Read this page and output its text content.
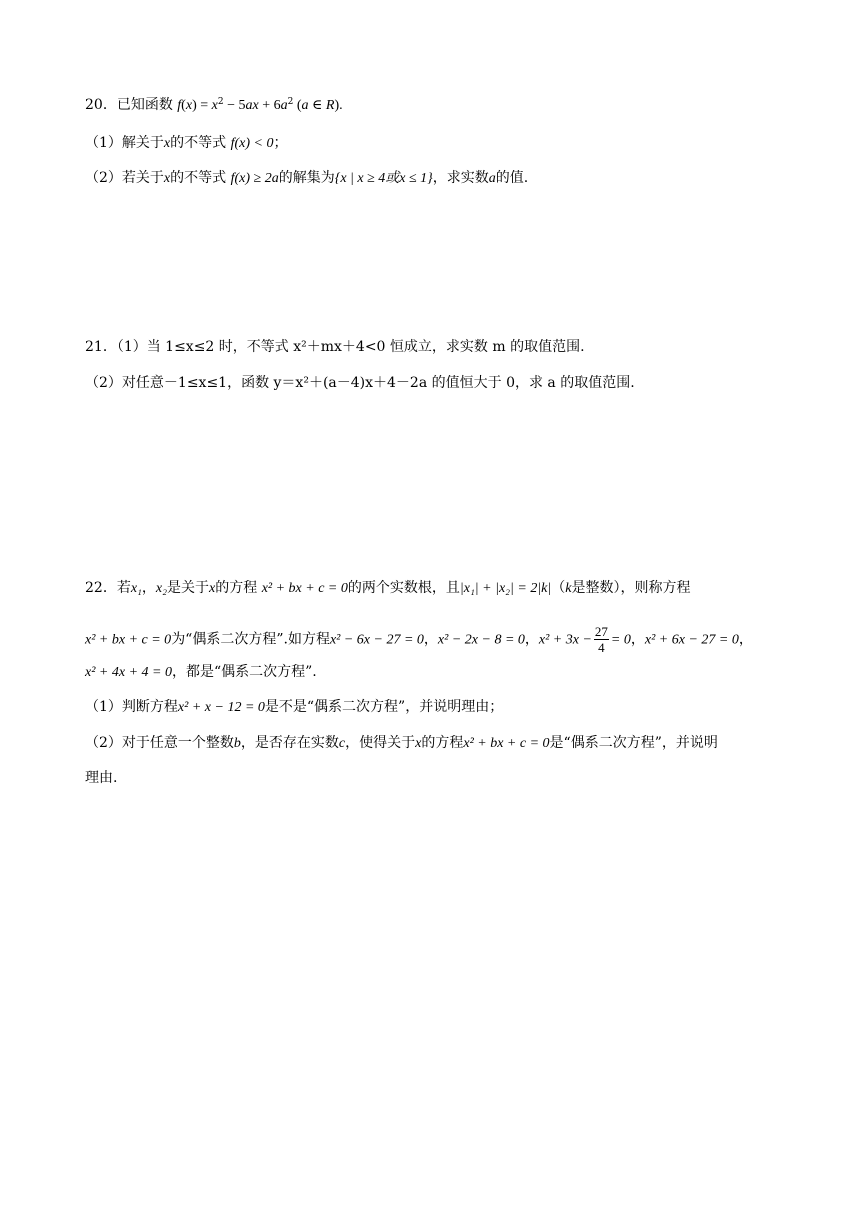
20．已知函数 $f(x) = x^2 - 5ax + 6a^2$ (a ∈ R).
（1）解关于x的不等式 f(x) < 0；
（2）若关于x的不等式 f(x) ≥ 2a的解集为{x | x ≥ 4或x ≤ 1}，求实数a的值.
21．（1）当 1≤x≤2 时，不等式 x²＋mx＋4<0 恒成立，求实数 m 的取值范围.
（2）对任意－1≤x≤1，函数 y＝x²＋(a－4)x＋4－2a 的值恒大于 0，求 a 的取值范围.
22．若x₁，x₂是关于x的方程 x² + bx + c = 0的两个实数根，且|x₁| + |x₂| = 2|k|（k是整数），则称方程
x² + bx + c = 0为“偶系二次方程”.如方程x² − 6x − 27 = 0，x² − 2x − 8 = 0，$x^2 + 3x - \frac{27}{4} = 0$，x² + 6x − 27 = 0，
x² + 4x + 4 = 0，都是“偶系二次方程”.
（1）判断方程x² + x − 12 = 0是不是“偶系二次方程”，并说明理由；
（2）对于任意一个整数b，是否存在实数c，使得关于x的方程x² + bx + c = 0是“偶系二次方程”，并说明
理由.
